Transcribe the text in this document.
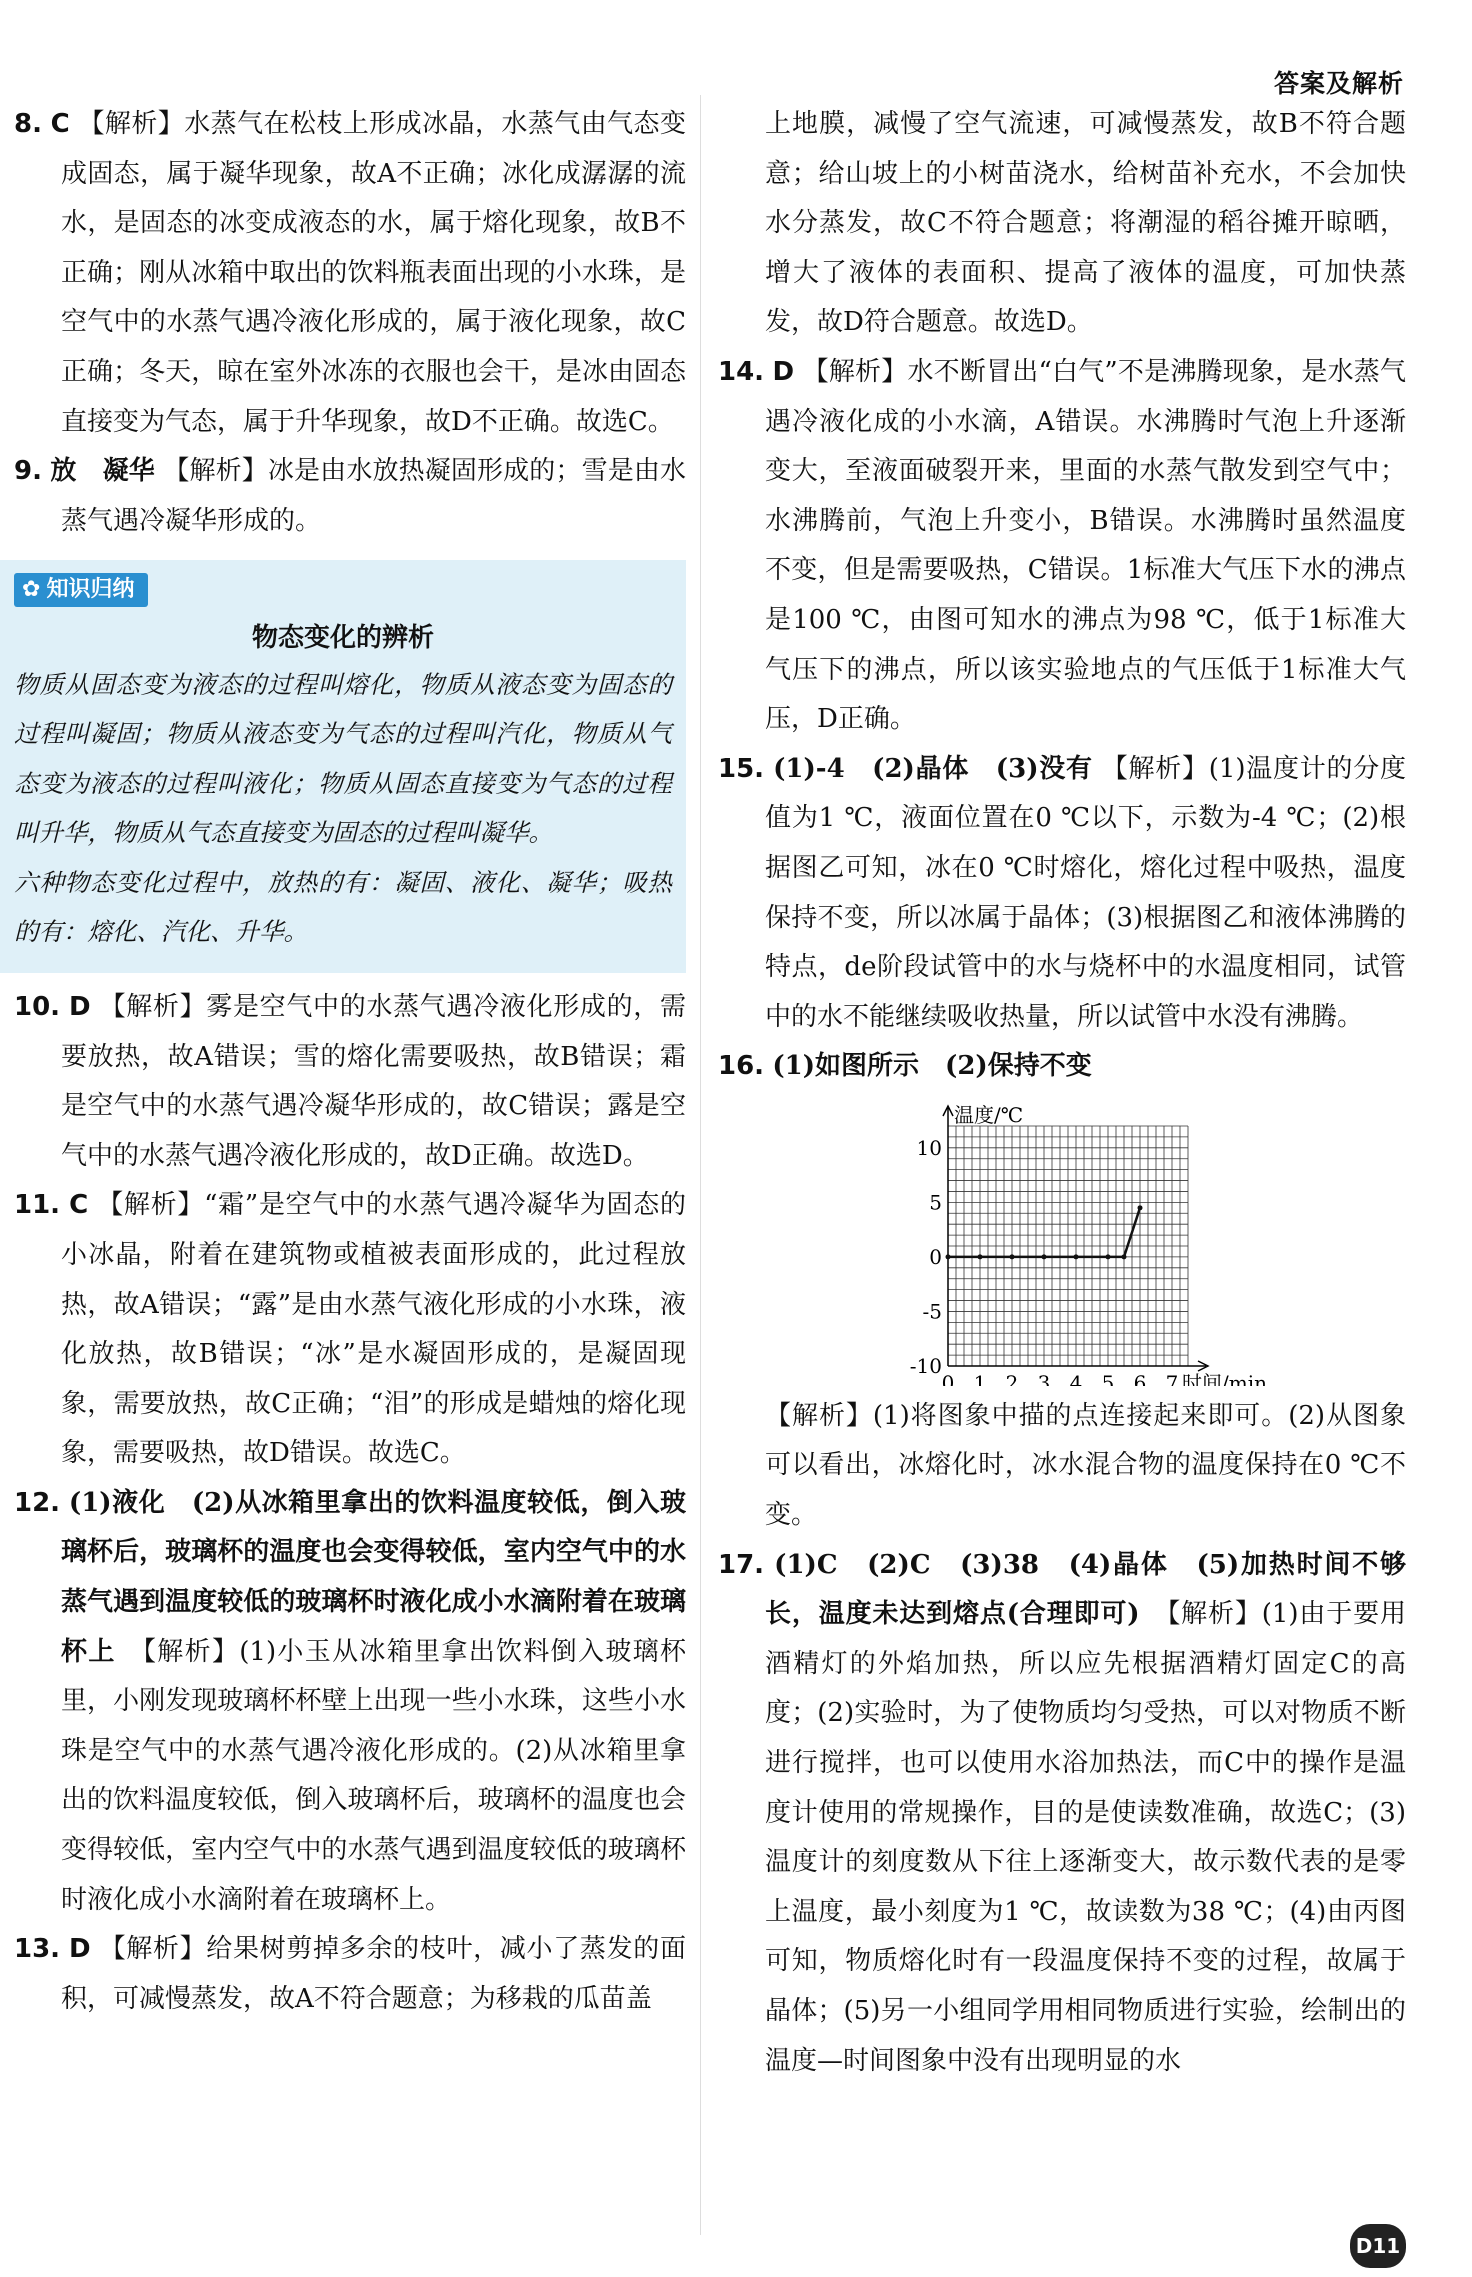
答案及解析

8. C 【解析】水蒸气在松枝上形成冰晶，水蒸气由气态变成固态，属于凝华现象，故A不正确；冰化成潺潺的流水，是固态的冰变成液态的水，属于熔化现象，故B不正确；刚从冰箱中取出的饮料瓶表面出现的小水珠，是空气中的水蒸气遇冷液化形成的，属于液化现象，故C正确；冬天，晾在室外冰冻的衣服也会干，是冰由固态直接变为气态，属于升华现象，故D不正确。故选C。

9. 放　凝华 【解析】冰是由水放热凝固形成的；雪是由水蒸气遇冷凝华形成的。

✿ 知识归纳
物态变化的辨析

物质从固态变为液态的过程叫熔化，物质从液态变为固态的过程叫凝固；物质从液态变为气态的过程叫汽化，物质从气态变为液态的过程叫液化；物质从固态直接变为气态的过程叫升华，物质从气态直接变为固态的过程叫凝华。

六种物态变化过程中，放热的有：凝固、液化、凝华；吸热的有：熔化、汽化、升华。

10. D 【解析】雾是空气中的水蒸气遇冷液化形成的，需要放热，故A错误；雪的熔化需要吸热，故B错误；霜是空气中的水蒸气遇冷凝华形成的，故C错误；露是空气中的水蒸气遇冷液化形成的，故D正确。故选D。

11. C 【解析】“霜”是空气中的水蒸气遇冷凝华为固态的小冰晶，附着在建筑物或植被表面形成的，此过程放热，故A错误；“露”是由水蒸气液化形成的小水珠，液化放热，故B错误；“冰”是水凝固形成的，是凝固现象，需要放热，故C正确；“泪”的形成是蜡烛的熔化现象，需要吸热，故D错误。故选C。

12. (1)液化　(2)从冰箱里拿出的饮料温度较低，倒入玻璃杯后，玻璃杯的温度也会变得较低，室内空气中的水蒸气遇到温度较低的玻璃杯时液化成小水滴附着在玻璃杯上　 【解析】(1)小玉从冰箱里拿出饮料倒入玻璃杯里，小刚发现玻璃杯杯壁上出现一些小水珠，这些小水珠是空气中的水蒸气遇冷液化形成的。(2)从冰箱里拿出的饮料温度较低，倒入玻璃杯后，玻璃杯的温度也会变得较低，室内空气中的水蒸气遇到温度较低的玻璃杯时液化成小水滴附着在玻璃杯上。

13. D 【解析】给果树剪掉多余的枝叶，减小了蒸发的面积，可减慢蒸发，故A不符合题意；为移栽的瓜苗盖

上地膜，减慢了空气流速，可减慢蒸发，故B不符合题意；给山坡上的小树苗浇水，给树苗补充水，不会加快水分蒸发，故C不符合题意；将潮湿的稻谷摊开晾晒，增大了液体的表面积、提高了液体的温度，可加快蒸发，故D符合题意。故选D。

14. D 【解析】水不断冒出“白气”不是沸腾现象，是水蒸气遇冷液化成的小水滴，A错误。水沸腾时气泡上升逐渐变大，至液面破裂开来，里面的水蒸气散发到空气中；水沸腾前，气泡上升变小，B错误。水沸腾时虽然温度不变，但是需要吸热，C错误。1标准大气压下水的沸点是100 ℃，由图可知水的沸点为98 ℃，低于1标准大气压下的沸点，所以该实验地点的气压低于1标准大气压，D正确。

15. (1)-4　(2)晶体　(3)没有 【解析】(1)温度计的分度值为1 ℃，液面位置在0 ℃以下，示数为-4 ℃；(2)根据图乙可知，冰在0 ℃时熔化，熔化过程中吸热，温度保持不变，所以冰属于晶体；(3)根据图乙和液体沸腾的特点，de阶段试管中的水与烧杯中的水温度相同，试管中的水不能继续吸收热量，所以试管中水没有沸腾。

16. (1)如图所示　(2)保持不变

温度/℃
10
5
0
-5
-10
0 1 2 3 4 5 6 7 时间/min

【解析】(1)将图象中描的点连接起来即可。(2)从图象可以看出，冰熔化时，冰水混合物的温度保持在0 ℃不变。

17. (1)C　(2)C　(3)38　(4)晶体　(5)加热时间不够长，温度未达到熔点(合理即可)　 【解析】(1)由于要用酒精灯的外焰加热，所以应先根据酒精灯固定C的高度；(2)实验时，为了使物质均匀受热，可以对物质不断进行搅拌，也可以使用水浴加热法，而C中的操作是温度计使用的常规操作，目的是使读数准确，故选C；(3)温度计的刻度数从下往上逐渐变大，故示数代表的是零上温度，最小刻度为1 ℃，故读数为38 ℃；(4)由丙图可知，物质熔化时有一段温度保持不变的过程，故属于晶体；(5)另一小组同学用相同物质进行实验，绘制出的温度—时间图象中没有出现明显的水

D11
